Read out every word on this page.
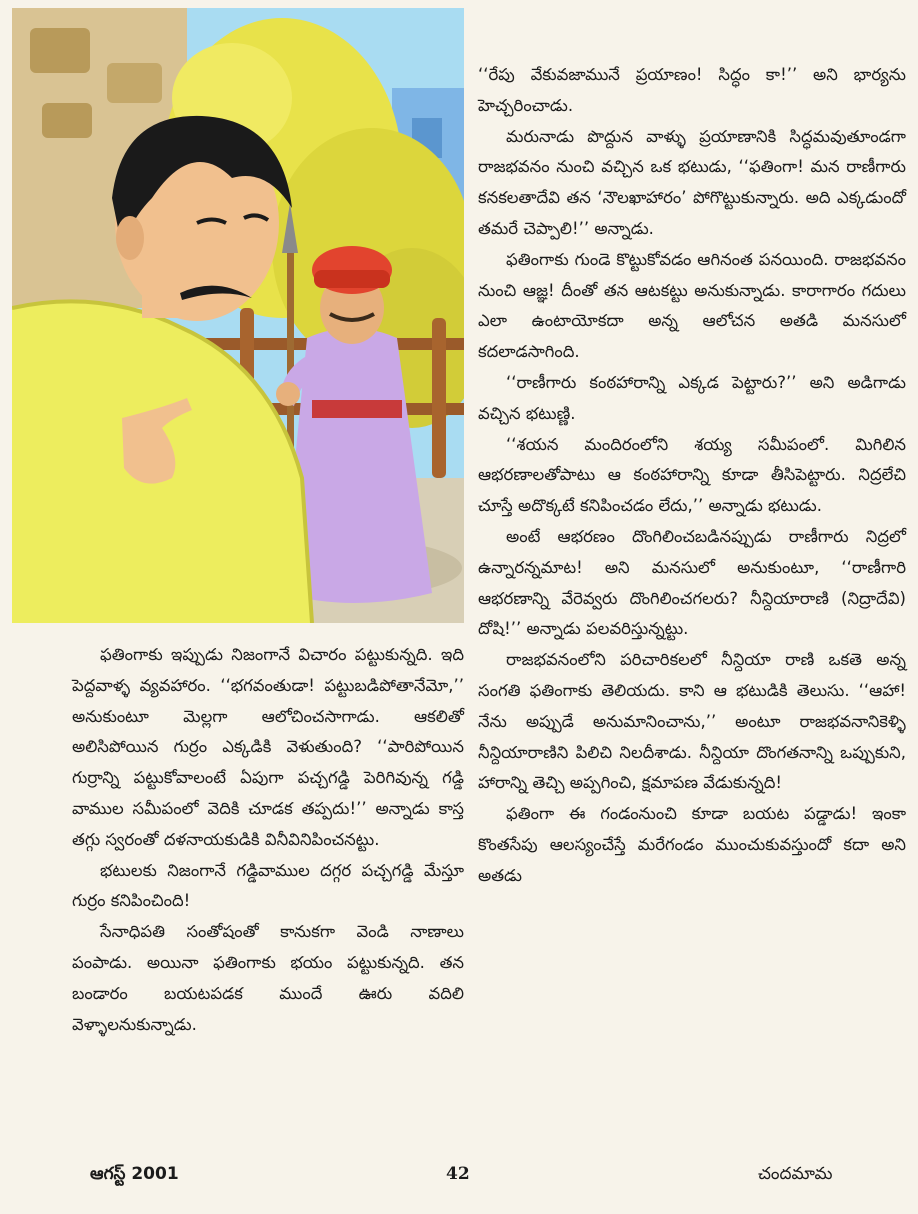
‘‘రేపు వేకువజామునే ప్రయాణం! సిద్ధం కా!’’ అని భార్యను హెచ్చరించాడు.

మరునాడు పొద్దున వాళ్ళు ప్రయాణానికి సిద్ధమవుతూండగా రాజభవనం నుంచి వచ్చిన ఒక భటుడు, ‘‘ఫతింగా! మన రాణీగారు కనకలతాదేవి తన ‘నౌలఖాహారం’ పోగొట్టుకున్నారు. అది ఎక్కడుందో తమరే చెప్పాలి!’’ అన్నాడు.

ఫతింగాకు గుండె కొట్టుకోవడం ఆగినంత పనయింది. రాజభవనం నుంచి ఆజ్ఞ! దీంతో తన ఆటకట్టు అనుకున్నాడు. కారాగారం గదులు ఎలా ఉంటాయోకదా అన్న ఆలోచన అతడి మనసులో కదలాడసాగింది.

‘‘రాణీగారు కంఠహారాన్ని ఎక్కడ పెట్టారు?’’ అని అడిగాడు వచ్చిన భటుణ్ణి.

‘‘శయన మందిరంలోని శయ్య సమీపంలో. మిగిలిన ఆభరణాలతోపాటు ఆ కంఠహారాన్ని కూడా తీసిపెట్టారు. నిద్రలేచి చూస్తే అదొక్కటే కనిపించడం లేదు,’’ అన్నాడు భటుడు.

అంటే ఆభరణం దొంగిలించబడినప్పుడు రాణీగారు నిద్రలో ఉన్నారన్నమాట! అని మనసులో అనుకుంటూ, ‘‘రాణీగారి ఆభరణాన్ని వేరెవ్వరు దొంగిలించగలరు? నీన్దియారాణి (నిద్రాదేవి) దోషి!’’ అన్నాడు పలవరిస్తున్నట్టు.

రాజభవనంలోని పరిచారికలలో నీన్దియా రాణి ఒకతె అన్న సంగతి ఫతింగాకు తెలియదు. కాని ఆ భటుడికి తెలుసు. ‘‘ఆహా! నేను అప్పుడే అనుమానించాను,’’ అంటూ రాజభవనానికెళ్ళి నీన్దియారాణిని పిలిచి నిలదీశాడు. నీన్దియా దొంగతనాన్ని ఒప్పుకుని, హారాన్ని తెచ్చి అప్పగించి, క్షమాపణ వేడుకున్నది!

ఫతింగా ఈ గండంనుంచి కూడా బయట పడ్డాడు! ఇంకా కొంతసేపు ఆలస్యంచేస్తే మరేగండం ముంచుకువస్తుందో కదా అని అతడు

ఫతింగాకు ఇప్పుడు నిజంగానే విచారం పట్టుకున్నది. ఇది పెద్దవాళ్ళ వ్యవహారం. ‘‘భగవంతుడా! పట్టుబడిపోతానేమో,’’ అనుకుంటూ మెల్లగా ఆలోచించసాగాడు. ఆకలితో అలిసిపోయిన గుర్రం ఎక్కడికి వెళుతుంది? ‘‘పారిపోయిన గుర్రాన్ని పట్టుకోవాలంటే ఏపుగా పచ్చగడ్డి పెరిగివున్న గడ్డి వాముల సమీపంలో వెదికి చూడక తప్పదు!’’ అన్నాడు కాస్త తగ్గు స్వరంతో దళనాయకుడికి వినీవినిపించనట్టు.

భటులకు నిజంగానే గడ్డివాముల దగ్గర పచ్చగడ్డి మేస్తూ గుర్రం కనిపించింది!

సేనాధిపతి సంతోషంతో కానుకగా వెండి నాణాలు పంపాడు. అయినా ఫతింగాకు భయం పట్టుకున్నది. తన బండారం బయటపడక ముందే ఊరు వదిలి వెళ్ళాలనుకున్నాడు.

ఆగస్ట్ 2001	42	చందమామ
